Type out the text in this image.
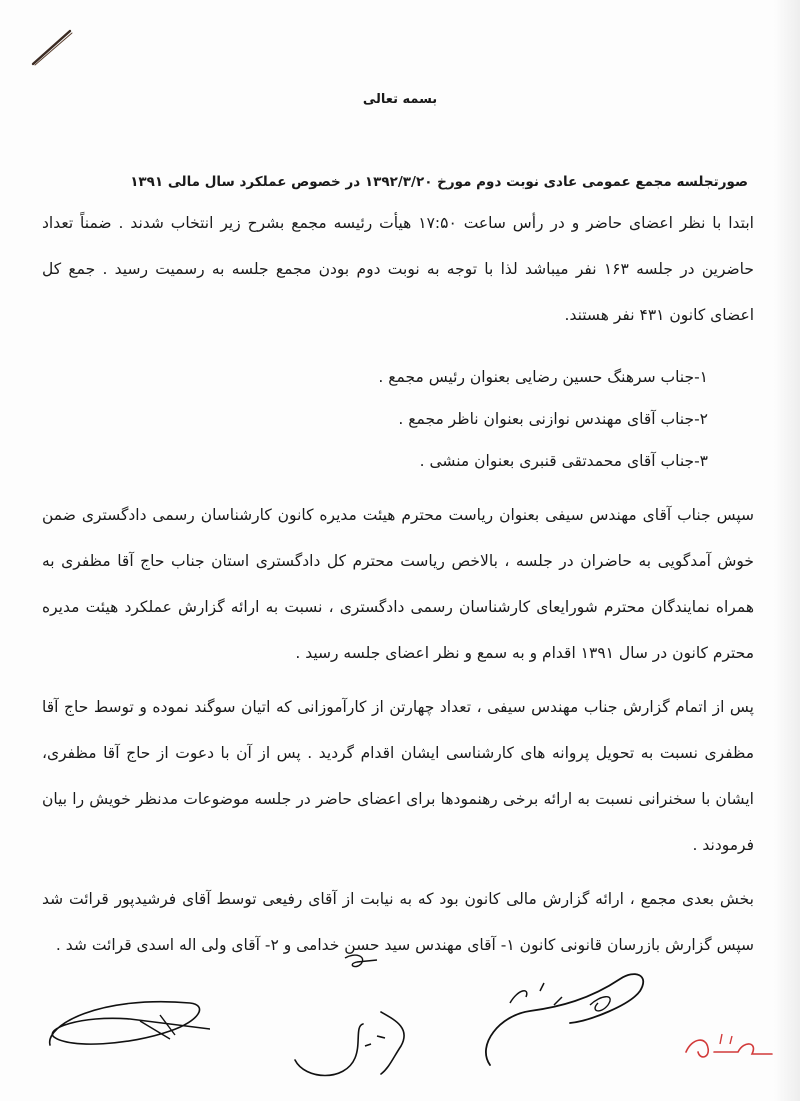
بسمه تعالی
صورتجلسه مجمع عمومی عادی نوبت دوم مورخ ۱۳۹۲/۳/۲۰ در خصوص عملکرد سال مالی ۱۳۹۱
ابتدا با نظر اعضای حاضر و در رأس ساعت ۱۷:۵۰ هیأت رئیسه مجمع بشرح زیر انتخاب شدند . ضمناً تعداد حاضرین در جلسه ۱۶۳ نفر میباشد لذا با توجه به نوبت دوم بودن مجمع جلسه به رسمیت رسید . جمع کل اعضای کانون ۴۳۱ نفر هستند.
۱-جناب سرهنگ حسین رضایی بعنوان رئیس مجمع .
۲-جناب آقای مهندس نوازنی بعنوان ناظر مجمع .
۳-جناب آقای محمدتقی قنبری بعنوان منشی .
سپس جناب آقای مهندس سیفی بعنوان ریاست محترم هیئت مدیره کانون کارشناسان رسمی دادگستری ضمن خوش آمدگویی به حاضران در جلسه ، بالاخص ریاست محترم کل دادگستری استان جناب حاج آقا مظفری به همراه نمایندگان محترم شورایعای کارشناسان رسمی دادگستری ، نسبت به ارائه گزارش عملکرد هیئت مدیره محترم کانون در سال ۱۳۹۱ اقدام و به سمع و نظر اعضای جلسه رسید .
پس از اتمام گزارش جناب مهندس سیفی ، تعداد چهارتن از کارآموزانی که اتیان سوگند نموده و توسط حاج آقا مظفری نسبت به تحویل پروانه های کارشناسی ایشان اقدام گردید . پس از آن با دعوت از حاج آقا مظفری، ایشان با سخنرانی نسبت به ارائه برخی رهنمودها برای اعضای حاضر در جلسه موضوعات مدنظر خویش را بیان فرمودند .
بخش بعدی مجمع ، ارائه گزارش مالی کانون بود که به نیابت از آقای رفیعی توسط آقای فرشیدپور قرائت شد سپس گزارش بازرسان قانونی کانون ۱- آقای مهندس سید حسن خدامی و ۲- آقای ولی اله اسدی قرائت شد .
